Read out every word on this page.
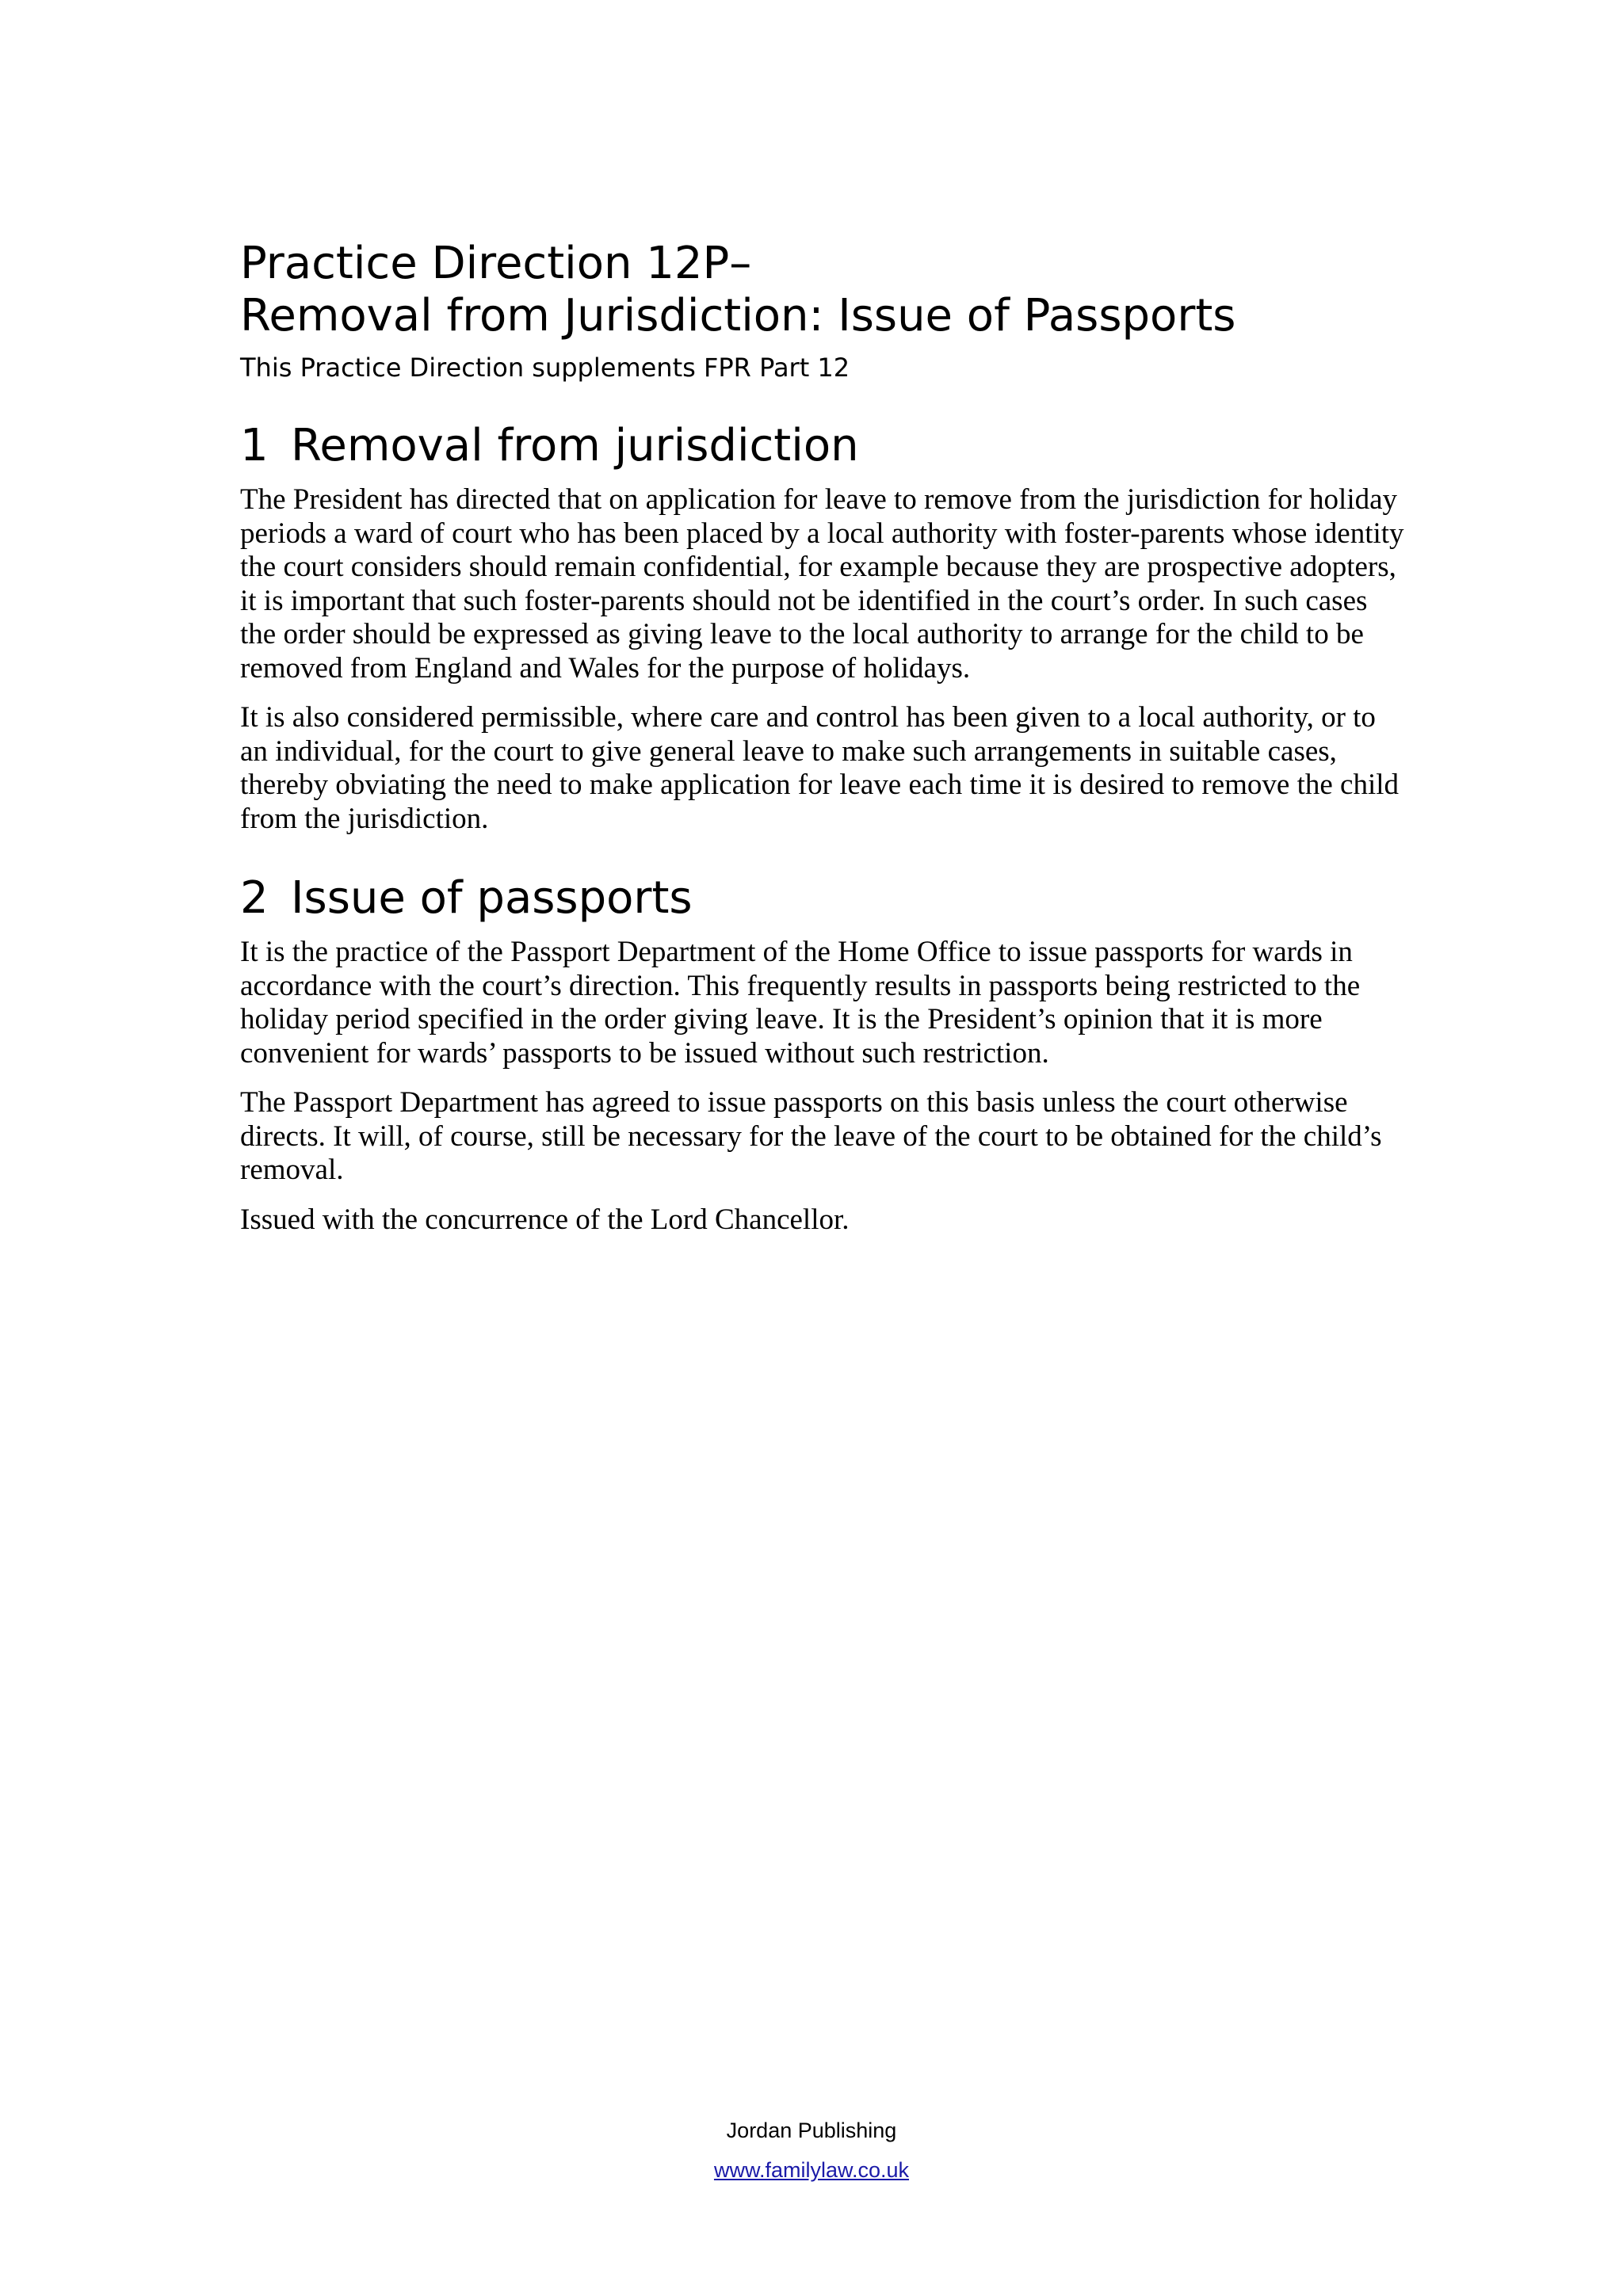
Practice Direction 12P–
Removal from Jurisdiction: Issue of Passports

This Practice Direction supplements FPR Part 12

1 Removal from jurisdiction

The President has directed that on application for leave to remove from the jurisdiction for holiday periods a ward of court who has been placed by a local authority with foster-parents whose identity the court considers should remain confidential, for example because they are prospective adopters, it is important that such foster-parents should not be identified in the court’s order. In such cases the order should be expressed as giving leave to the local authority to arrange for the child to be removed from England and Wales for the purpose of holidays.

It is also considered permissible, where care and control has been given to a local authority, or to an individual, for the court to give general leave to make such arrangements in suitable cases, thereby obviating the need to make application for leave each time it is desired to remove the child from the jurisdiction.

2 Issue of passports

It is the practice of the Passport Department of the Home Office to issue passports for wards in accordance with the court’s direction. This frequently results in passports being restricted to the holiday period specified in the order giving leave. It is the President’s opinion that it is more convenient for wards’ passports to be issued without such restriction.

The Passport Department has agreed to issue passports on this basis unless the court otherwise directs. It will, of course, still be necessary for the leave of the court to be obtained for the child’s removal.

Issued with the concurrence of the Lord Chancellor.

Jordan Publishing
www.familylaw.co.uk
